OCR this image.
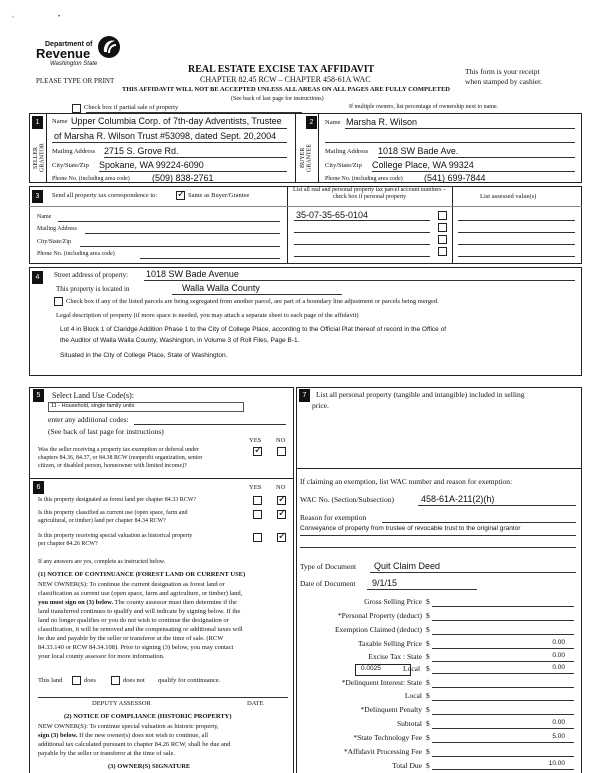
‘	•
Department of
Revenue
Washington State
PLEASE TYPE OR PRINT
REAL ESTATE EXCISE TAX AFFIDAVIT
CHAPTER 82.45 RCW – CHAPTER 458-61A WAC
THIS AFFIDAVIT WILL NOT BE ACCEPTED UNLESS ALL AREAS ON ALL PAGES ARE FULLY COMPLETED
(See back of last page for instructions)
This form is your receipt
when stamped by cashier.
Check box if partial sale of property	If multiple owners, list percentage of ownership next to name.
1
SELLER GRANTOR
Name Upper Columbia Corp. of 7th-day Adventists, Trustee
of Marsha R. Wilson Trust #53098, dated Sept. 20,2004
Mailing Address 2715 S. Grove Rd.
City/State/Zip Spokane, WA 99224-6090
Phone No. (including area code) (509) 838-2761
2
BUYER GRANTEE
Name Marsha R. Wilson
Mailing Address 1018 SW Bade Ave.
City/State/Zip College Place, WA 99324
Phone No. (including area code) (541) 699-7844
3	Send all property tax correspondence to:
✓	Same as Buyer/Grantee
List all real and personal property tax parcel account numbers – check box if personal property	List assessed value(s)
Name
Mailing Address
City/State/Zip
Phone No. (including area code)
35-07-35-65-0104
4	Street address of property: 1018 SW Bade Avenue
This property is located in	Walla Walla County
Check box if any of the listed parcels are being segregated from another parcel, are part of a boundary line adjustment or parcels being merged.
Legal description of property (if more space is needed, you may attach a separate sheet to each page of the affidavit)
Lot 4 in Block 1 of Claridge Addition Phase 1 to the City of College Place, according to the Official Plat thereof of record in the Office of
the Auditor of Walla Walla County, Washington, in Volume 3 of Roll Files, Page B-1.
Situated in the City of College Place, State of Washington.
5	Select Land Use Code(s):
11 - Household, single family units
enter any additional codes:
(See back of last page for instructions)
YES NO
Was the seller receiving a property tax exemption or deferral under
chapters 84.36, 84.37, or 84.38 RCW (nonprofit organization, senior
citizen, or disabled person, homeowner with limited income)?
✓
6	YES NO
Is this property designated as forest land per chapter 84.33 RCW?
✓
Is this property classified as current use (open space, farm and
agricultural, or timber) land per chapter 84.34 RCW?
✓
Is this property receiving special valuation as historical property
per chapter 84.26 RCW?
✓
If any answers are yes, complete as instructed below.
(1) NOTICE OF CONTINUANCE (FOREST LAND OR CURRENT USE)
NEW OWNER(S): To continue the current designation as forest land or
classification as current use (open space, farm and agriculture, or timber) land,
you must sign on (3) below. The county assessor must then determine if the
land transferred continues to qualify and will indicate by signing below. If the
land no longer qualifies or you do not wish to continue the designation or
classification, it will be removed and the compensating or additional taxes will
be due and payable by the seller or transferor at the time of sale. (RCW
84.33.140 or RCW 84.34.108). Prior to signing (3) below, you may contact
your local county assessor for more information.
This land	does	does not qualify for continuance.
DEPUTY ASSESSOR	DATE
(2) NOTICE OF COMPLIANCE (HISTORIC PROPERTY)
NEW OWNER(S): To continue special valuation as historic property,
sign (3) below. If the new owner(s) does not wish to continue, all
additional tax calculated pursuant to chapter 84.26 RCW, shall be due and
payable by the seller or transferor at the time of sale.
(3) OWNER(S) SIGNATURE
7	List all personal property (tangible and intangible) included in selling
price.
If claiming an exemption, list WAC number and reason for exemption:
WAC No. (Section/Subsection)	458-61A-211(2)(h)
Reason for exemption
Conveyance of property from trustee of revocable trust to the original grantor
Type of Document Quit Claim Deed
Date of Document 9/1/15
Gross Selling Price $
*Personal Property (deduct) $
Exemption Claimed (deduct) $
Taxable Selling Price $	0.00
Excise Tax : State $	0.00
0.0025	Local $	0.00
*Delinquent Interest: State $
Local $
*Delinquent Penalty $
Subtotal $	0.00
*State Technology Fee $	5.00
*Affidavit Processing Fee $
Total Due $	10.00
